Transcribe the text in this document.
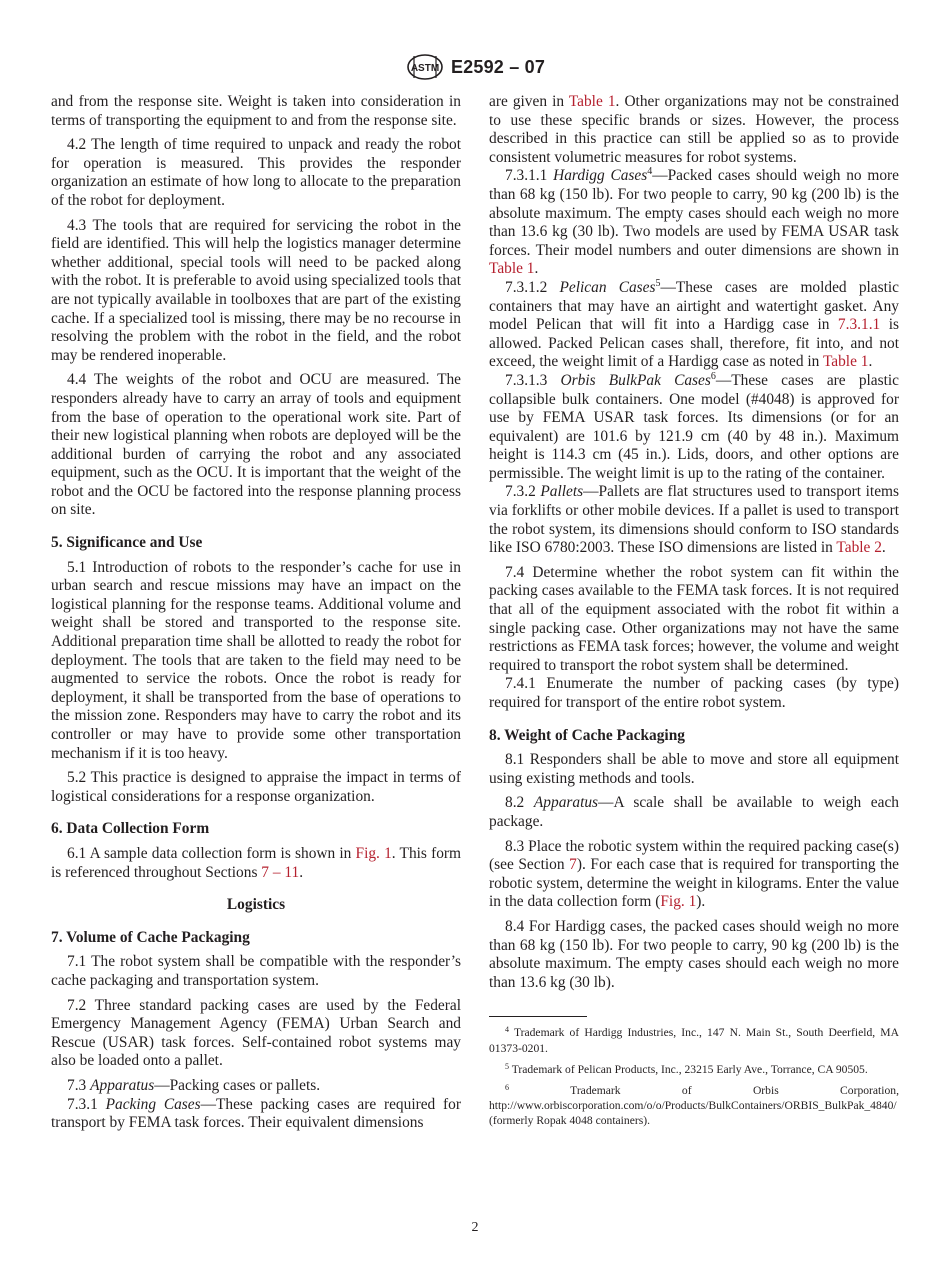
ASTM E2592 – 07

and from the response site. Weight is taken into consideration in terms of transporting the equipment to and from the response site.

4.2 The length of time required to unpack and ready the robot for operation is measured. This provides the responder organization an estimate of how long to allocate to the preparation of the robot for deployment.

4.3 The tools that are required for servicing the robot in the field are identified. This will help the logistics manager determine whether additional, special tools will need to be packed along with the robot. It is preferable to avoid using specialized tools that are not typically available in toolboxes that are part of the existing cache. If a specialized tool is missing, there may be no recourse in resolving the problem with the robot in the field, and the robot may be rendered inoperable.

4.4 The weights of the robot and OCU are measured. The responders already have to carry an array of tools and equipment from the base of operation to the operational work site. Part of their new logistical planning when robots are deployed will be the additional burden of carrying the robot and any associated equipment, such as the OCU. It is important that the weight of the robot and the OCU be factored into the response planning process on site.

5. Significance and Use

5.1 Introduction of robots to the responder’s cache for use in urban search and rescue missions may have an impact on the logistical planning for the response teams. Additional volume and weight shall be stored and transported to the response site. Additional preparation time shall be allotted to ready the robot for deployment. The tools that are taken to the field may need to be augmented to service the robots. Once the robot is ready for deployment, it shall be transported from the base of operations to the mission zone. Responders may have to carry the robot and its controller or may have to provide some other transportation mechanism if it is too heavy.

5.2 This practice is designed to appraise the impact in terms of logistical considerations for a response organization.

6. Data Collection Form

6.1 A sample data collection form is shown in Fig. 1. This form is referenced throughout Sections 7 – 11.

Logistics
7. Volume of Cache Packaging

7.1 The robot system shall be compatible with the responder’s cache packaging and transportation system.

7.2 Three standard packing cases are used by the Federal Emergency Management Agency (FEMA) Urban Search and Rescue (USAR) task forces. Self-contained robot systems may also be loaded onto a pallet.

7.3 Apparatus—Packing cases or pallets.

7.3.1 Packing Cases—These packing cases are required for transport by FEMA task forces. Their equivalent dimensions

are given in Table 1. Other organizations may not be constrained to use these specific brands or sizes. However, the process described in this practice can still be applied so as to provide consistent volumetric measures for robot systems.

7.3.1.1 Hardigg Cases$^4$—Packed cases should weigh no more than 68 kg (150 lb). For two people to carry, 90 kg (200 lb) is the absolute maximum. The empty cases should each weigh no more than 13.6 kg (30 lb). Two models are used by FEMA USAR task forces. Their model numbers and outer dimensions are shown in Table 1.

7.3.1.2 Pelican Cases$^5$—These cases are molded plastic containers that may have an airtight and watertight gasket. Any model Pelican that will fit into a Hardigg case in 7.3.1.1 is allowed. Packed Pelican cases shall, therefore, fit into, and not exceed, the weight limit of a Hardigg case as noted in Table 1.

7.3.1.3 Orbis BulkPak Cases$^6$—These cases are plastic collapsible bulk containers. One model (#4048) is approved for use by FEMA USAR task forces. Its dimensions (or for an equivalent) are 101.6 by 121.9 cm (40 by 48 in.). Maximum height is 114.3 cm (45 in.). Lids, doors, and other options are permissible. The weight limit is up to the rating of the container.

7.3.2 Pallets—Pallets are flat structures used to transport items via forklifts or other mobile devices. If a pallet is used to transport the robot system, its dimensions should conform to ISO standards like ISO 6780:2003. These ISO dimensions are listed in Table 2.

7.4 Determine whether the robot system can fit within the packing cases available to the FEMA task forces. It is not required that all of the equipment associated with the robot fit within a single packing case. Other organizations may not have the same restrictions as FEMA task forces; however, the volume and weight required to transport the robot system shall be determined.

7.4.1 Enumerate the number of packing cases (by type) required for transport of the entire robot system.

8. Weight of Cache Packaging

8.1 Responders shall be able to move and store all equipment using existing methods and tools.

8.2 Apparatus—A scale shall be available to weigh each package.

8.3 Place the robotic system within the required packing case(s) (see Section 7). For each case that is required for transporting the robotic system, determine the weight in kilograms. Enter the value in the data collection form (Fig. 1).

8.4 For Hardigg cases, the packed cases should weigh no more than 68 kg (150 lb). For two people to carry, 90 kg (200 lb) is the absolute maximum. The empty cases should each weigh no more than 13.6 kg (30 lb).

$^4$ Trademark of Hardigg Industries, Inc., 147 N. Main St., South Deerfield, MA 01373-0201.

$^5$ Trademark of Pelican Products, Inc., 23215 Early Ave., Torrance, CA 90505.

$^6$	Trademark of Orbis Corporation, http://www.orbiscorporation.com/o/o/Products/BulkContainers/ORBIS_BulkPak_4840/ (formerly Ropak 4048 containers).

2
